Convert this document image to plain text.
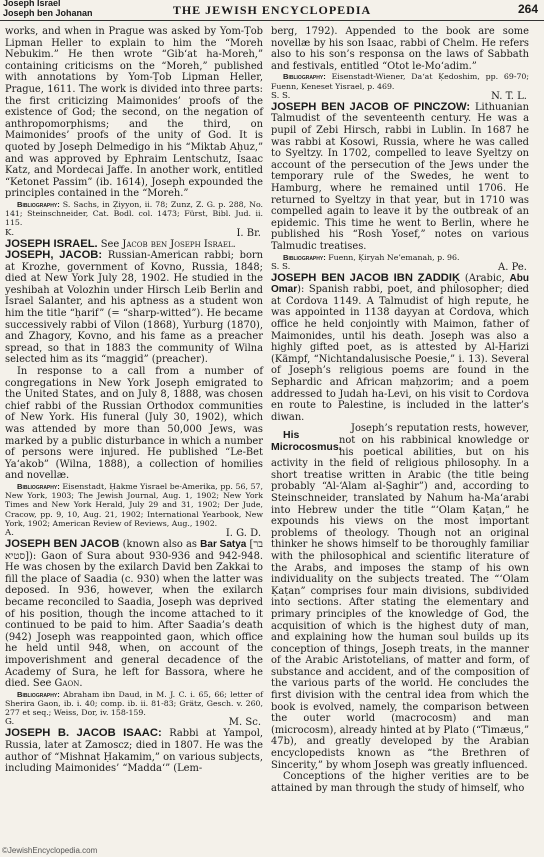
Joseph Israel
Joseph ben Johanan	THE JEWISH ENCYCLOPEDIA	264

works, and when in Prague was asked by Yom-Ṭob Lipman Heller to explain to him the “Moreh Nebukim.” He then wrote “Gib‘at ha-Moreh,” containing criticisms on the “Moreh,” published with annotations by Yom-Ṭob Lipman Heller, Prague, 1611. The work is divided into three parts: the first criticizing Maimonides’ proofs of the existence of God; the second, on the negation of anthropomorphisms; and the third, on Maimonides’ proofs of the unity of God. It is quoted by Joseph Delmedigo in his “Miktab Aḥuz,” and was approved by Ephraim Lentschutz, Isaac Katz, and Mordecai Jaffe. In another work, entitled “Ketonet Passim” (ib. 1614), Joseph expounded the principles contained in the “Moreh.”

Bibliography: S. Sachs, in Ẓiyyon, ii. 78; Zunz, Z. G. p. 288, No. 141; Steinschneider, Cat. Bodl. col. 1473; Fürst, Bibl. Jud. ii. 115.

K.	I. Br.

JOSEPH ISRAEL. See Jacob ben Joseph Israel.

JOSEPH, JACOB: Russian-American rabbi; born at Krozhe, government of Kovno, Russia, 1848; died at New York July 28, 1902. He studied in the yeshibah at Volozhin under Hirsch Leib Berlin and Israel Salanter, and his aptness as a student won him the title “ḥarif” (= “sharp-witted”). He became successively rabbi of Vilon (1868), Yurburg (1870), and Zhagory, Kovno, and his fame as a preacher spread, so that in 1883 the community of Wilna selected him as its “maggid” (preacher).

In response to a call from a number of congregations in New York Joseph emigrated to the United States, and on July 8, 1888, was chosen chief rabbi of the Russian Orthodox communities of New York. His funeral (July 30, 1902), which was attended by more than 50,000 Jews, was marked by a public disturbance in which a number of persons were injured. He published “Le-Bet Ya‘akob” (Wilna, 1888), a collection of homilies and novellæ.

Bibliography: Eisenstadt, Ḥakme Yisrael be-Amerika, pp. 56, 57, New York, 1903; The Jewish Journal, Aug. 1, 1902; New York Times and New York Herald, July 29 and 31, 1902; Der Jude, Cracow, pp. 9, 10, Aug. 21, 1902; International Yearbook, New York, 1902; American Review of Reviews, Aug., 1902.

A.	I. G. D.

JOSEPH BEN JACOB (known also as Bar Satya [בר סטיא]): Gaon of Sura about 930-936 and 942-948. He was chosen by the exilarch David ben Zakkai to fill the place of Saadia (c. 930) when the latter was deposed. In 936, however, when the exilarch became reconciled to Saadia, Joseph was deprived of his position, though the income attached to it continued to be paid to him. After Saadia’s death (942) Joseph was reappointed gaon, which office he held until 948, when, on account of the impoverishment and general decadence of the Academy of Sura, he left for Bassora, where he died. See Gaon.

Bibliography: Abraham ibn Daud, in M. J. C. i. 65, 66; letter of Sherira Gaon, ib. i. 40; comp. ib. ii. 81-83; Grätz, Gesch. v. 260, 277 et seq.; Weiss, Dor, iv. 158-159.

G.	M. Sc.

JOSEPH B. JACOB ISAAC: Rabbi at Yampol, Russia, later at Zamoscz; died in 1807. He was the author of “Mishnat Ḥakamim,” on various subjects, including Maimonides’ “Madda‘” (Lem-

berg, 1792). Appended to the book are some novellæ by his son Isaac, rabbi of Chelm. He refers also to his son’s responsa on the laws of Sabbath and festivals, entitled “Otot le-Mo‘adim.”

Bibliography: Eisenstadt-Wiener, Da‘at Ḳedoshim, pp. 69-70; Fuenn, Keneset Yisrael, p. 469.

S. S.	N. T. L.

JOSEPH BEN JACOB OF PINCZOW: Lithuanian Talmudist of the seventeenth century. He was a pupil of Zebi Hirsch, rabbi in Lublin. In 1687 he was rabbi at Kosowi, Russia, where he was called to Syeltzy. In 1702, compelled to leave Syeltzy on account of the persecution of the Jews under the temporary rule of the Swedes, he went to Hamburg, where he remained until 1706. He returned to Syeltzy in that year, but in 1710 was compelled again to leave it by the outbreak of an epidemic. This time he went to Berlin, where he published his “Rosh Yosef,” notes on various Talmudic treatises.

Bibliography: Fuenn, Ḳiryah Ne’emanah, p. 96.

S. S.	A. Pe.

JOSEPH BEN JACOB IBN ẒADDIḲ (Arabic, Abu Omar): Spanish rabbi, poet, and philosopher; died at Cordova 1149. A Talmudist of high repute, he was appointed in 1138 dayyan at Cordova, which office he held conjointly with Maimon, father of Maimonides, until his death. Joseph was also a highly gifted poet, as is attested by Al-Ḥarizi (Kämpf, “Nichtandalusische Poesie,” i. 13). Several of Joseph’s religious poems are found in the Sephardic and African maḥzorim; and a poem addressed to Judah ha-Levi, on his visit to Cordova en route to Palestine, is included in the latter’s diwan.

His Microcosmus.
Joseph’s reputation rests, however, not on his rabbinical knowledge or his poetical abilities, but on his activity in the field of religious philosophy. In a short treatise written in Arabic (the title being probably “Al-‘Alam al-Ṣaghir”) and, according to Steinschneider, translated by Nahum ha-Ma‘arabi into Hebrew under the title “‘Olam Ḳaṭan,” he expounds his views on the most important problems of theology. Though not an original thinker he shows himself to be thoroughly familiar with the philosophical and scientific literature of the Arabs, and imposes the stamp of his own individuality on the subjects treated. The “‘Olam Ḳaṭan” comprises four main divisions, subdivided into sections. After stating the elementary and primary principles of the knowledge of God, the acquisition of which is the highest duty of man, and explaining how the human soul builds up its conception of things, Joseph treats, in the manner of the Arabic Aristotelians, of matter and form, of substance and accident, and of the composition of the various parts of the world. He concludes the first division with the central idea from which the book is evolved, namely, the comparison between the outer world (macrocosm) and man (microcosm), already hinted at by Plato (“Timæus,” 47b), and greatly developed by the Arabian encyclopedists known as “the Brethren of Sincerity,” by whom Joseph was greatly influenced.

Conceptions of the higher verities are to be attained by man through the study of himself, who

©JewishEncyclopedia.com
